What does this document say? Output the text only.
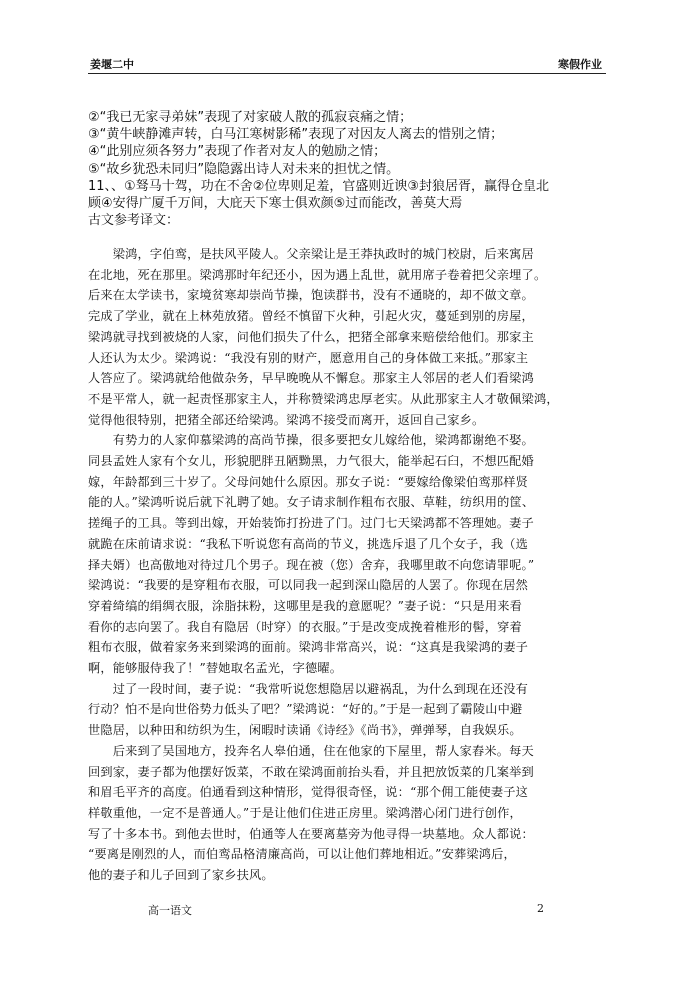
姜堰二中	寒假作业

②“我已无家寻弟妹”表现了对家破人散的孤寂哀痛之情；

③“黄牛峡静滩声转，白马江寒树影稀”表现了对因友人离去的惜别之情；

④“此别应须各努力”表现了作者对友人的勉励之情；

⑤“故乡犹恐未同归”隐隐露出诗人对未来的担忧之情。

11、、①驽马十驾，功在不舍②位卑则足羞，官盛则近谀③封狼居胥，赢得仓皇北

顾④安得广厦千万间，大庇天下寒士俱欢颜⑤过而能改，善莫大焉

古文参考译文：

　　梁鸿，字伯鸾，是扶风平陵人。父亲梁让是王莽执政时的城门校尉，后来寓居

在北地，死在那里。梁鸿那时年纪还小，因为遇上乱世，就用席子卷着把父亲埋了。

后来在太学读书，家境贫寒却崇尚节操，饱读群书，没有不通晓的，却不做文章。

完成了学业，就在上林苑放猪。曾经不慎留下火种，引起火灾，蔓延到别的房屋，

梁鸿就寻找到被烧的人家，问他们损失了什么，把猪全部拿来赔偿给他们。那家主

人还认为太少。梁鸿说：“我没有别的财产，愿意用自己的身体做工来抵。”那家主

人答应了。梁鸿就给他做杂务，早早晚晚从不懈怠。那家主人邻居的老人们看梁鸿

不是平常人，就一起责怪那家主人，并称赞梁鸿忠厚老实。从此那家主人才敬佩梁鸿，

觉得他很特别，把猪全部还给梁鸿。梁鸿不接受而离开，返回自己家乡。

　　有势力的人家仰慕梁鸿的高尚节操，很多要把女儿嫁给他，梁鸿都谢绝不娶。

同县孟姓人家有个女儿，形貌肥胖丑陋黝黑，力气很大，能举起石臼，不想匹配婚

嫁，年龄都到三十岁了。父母问她什么原因。那女子说：“要嫁给像梁伯鸾那样贤

能的人。”梁鸿听说后就下礼聘了她。女子请求制作粗布衣服、草鞋，纺织用的筐、

搓绳子的工具。等到出嫁，开始装饰打扮进了门。过门七天梁鸿都不答理她。妻子

就跪在床前请求说：“我私下听说您有高尚的节义，挑选斥退了几个女子，我（选

择夫婿）也高傲地对待过几个男子。现在被（您）舍弃，我哪里敢不向您请罪呢。”

梁鸿说：“我要的是穿粗布衣服，可以同我一起到深山隐居的人罢了。你现在居然

穿着绮缟的绢绸衣服，涂脂抹粉，这哪里是我的意愿呢？”妻子说：“只是用来看

看你的志向罢了。我自有隐居（时穿）的衣服。”于是改变成挽着椎形的髻，穿着

粗布衣服，做着家务来到梁鸿的面前。梁鸿非常高兴，说：“这真是我梁鸿的妻子

啊，能够服侍我了！”替她取名孟光，字德曜。

　　过了一段时间，妻子说：“我常听说您想隐居以避祸乱，为什么到现在还没有

行动？怕不是向世俗势力低头了吧？”梁鸿说：“好的。”于是一起到了霸陵山中避

世隐居，以种田和纺织为生，闲暇时读诵《诗经》《尚书》，弹弹琴，自我娱乐。

　　后来到了吴国地方，投奔名人皋伯通，住在他家的下屋里，帮人家舂米。每天

回到家，妻子都为他摆好饭菜，不敢在梁鸿面前抬头看，并且把放饭菜的几案举到

和眉毛平齐的高度。伯通看到这种情形，觉得很奇怪，说：“那个佣工能使妻子这

样敬重他，一定不是普通人。”于是让他们住进正房里。梁鸿潜心闭门进行创作，

写了十多本书。到他去世时，伯通等人在要离墓旁为他寻得一块墓地。众人都说：

“要离是刚烈的人，而伯鸾品格清廉高尚，可以让他们葬地相近。”安葬梁鸿后，

他的妻子和儿子回到了家乡扶风。

高一语文	2
